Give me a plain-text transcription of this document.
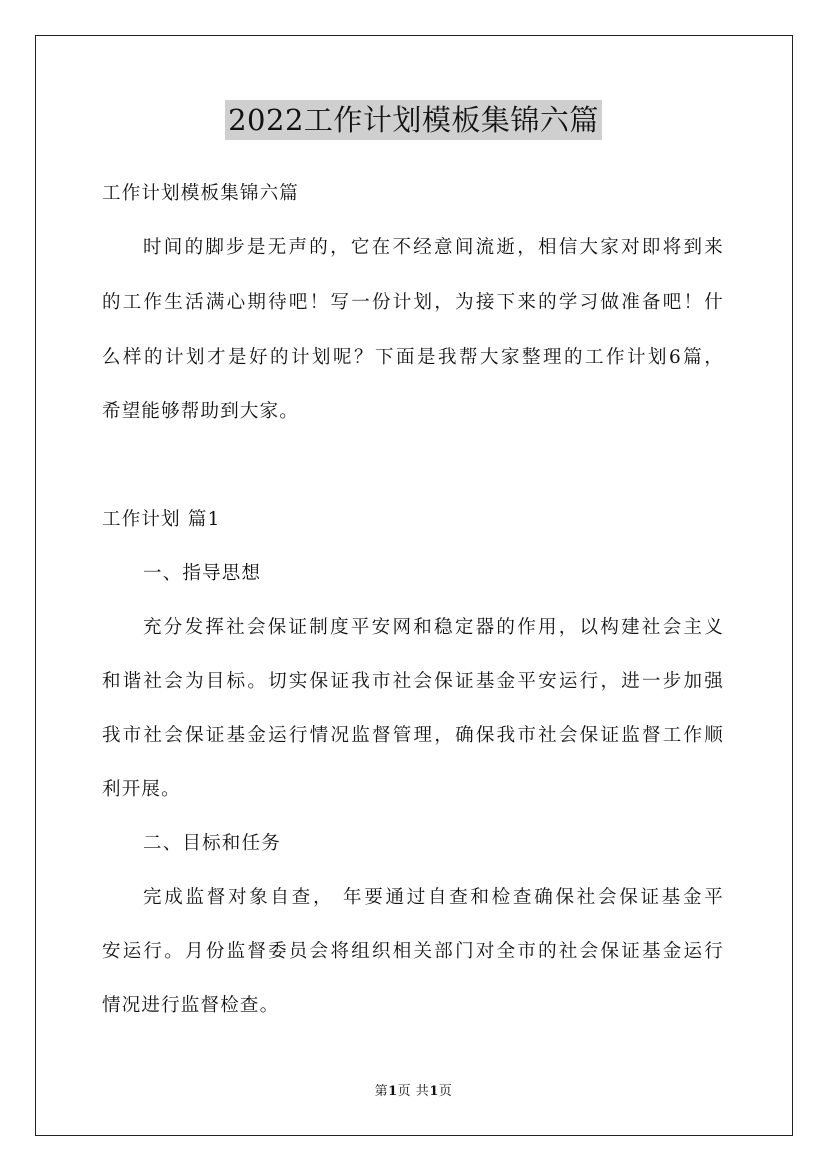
2022工作计划模板集锦六篇
工作计划模板集锦六篇
时间的脚步是无声的，它在不经意间流逝，相信大家对即将到来
的工作生活满心期待吧！写一份计划，为接下来的学习做准备吧！什
么样的计划才是好的计划呢？下面是我帮大家整理的工作计划6篇，
希望能够帮助到大家。
工作计划 篇1
一、指导思想
充分发挥社会保证制度平安网和稳定器的作用，以构建社会主义
和谐社会为目标。切实保证我市社会保证基金平安运行，进一步加强
我市社会保证基金运行情况监督管理，确保我市社会保证监督工作顺
利开展。
二、目标和任务
完成监督对象自查， 年要通过自查和检查确保社会保证基金平
安运行。月份监督委员会将组织相关部门对全市的社会保证基金运行
情况进行监督检查。
第1页 共1页
